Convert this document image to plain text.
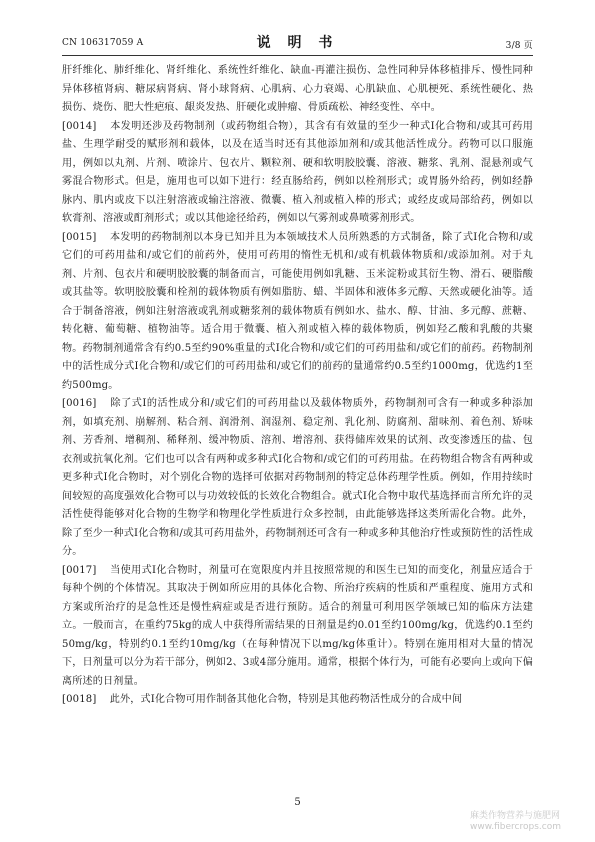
CN 106317059 A	说 明 书	3/8 页

肝纤维化、肺纤维化、肾纤维化、系统性纤维化、缺血-再灌注损伤、急性同种异体移植排斥、慢性同种异体移植肾病、糖尿病肾病、肾小球肾病、心肌病、心力衰竭、心肌缺血、心肌梗死、系统性硬化、热损伤、烧伤、肥大性疤痕、龈炎发热、肝硬化或肿瘤、骨质疏松、神经变性、卒中。

[0014]　 本发明还涉及药物制剂（或药物组合物），其含有有效量的至少一种式I化合物和/或其可药用盐、生理学耐受的赋形剂和载体，以及在适当时还有其他添加剂和/或其他活性成分。药物可以口服施用，例如以丸剂、片剂、喷涂片、包衣片、颗粒剂、硬和软明胶胶囊、溶液、糖浆、乳剂、混悬剂或气雾混合物形式。但是，施用也可以如下进行：经直肠给药，例如以栓剂形式；或胃肠外给药，例如经静脉内、肌内或皮下以注射溶液或输注溶液、微囊、植入剂或植入棒的形式；或经皮或局部给药，例如以软膏剂、溶液或酊剂形式；或以其他途径给药，例如以气雾剂或鼻喷雾剂形式。

[0015]　 本发明的药物制剂以本身已知并且为本领域技术人员所熟悉的方式制备，除了式I化合物和/或它们的可药用盐和/或它们的前药外，使用可药用的惰性无机和/或有机载体物质和/或添加剂。对于丸剂、片剂、包衣片和硬明胶胶囊的制备而言，可能使用例如乳糖、玉米淀粉或其衍生物、滑石、硬脂酸或其盐等。软明胶胶囊和栓剂的载体物质有例如脂肪、蜡、半固体和液体多元醇、天然或硬化油等。适合于制备溶液，例如注射溶液或乳剂或糖浆剂的载体物质有例如水、盐水、醇、甘油、多元醇、蔗糖、转化糖、葡萄糖、植物油等。适合用于微囊、植入剂或植入棒的载体物质，例如羟乙酸和乳酸的共聚物。药物制剂通常含有约0.5至约90%重量的式I化合物和/或它们的可药用盐和/或它们的前药。药物制剂中的活性成分式I化合物和/或它们的可药用盐和/或它们的前药的量通常约0.5至约1000mg，优选约1至约500mg。

[0016]　 除了式I的活性成分和/或它们的可药用盐以及载体物质外，药物制剂可含有一种或多种添加剂，如填充剂、崩解剂、粘合剂、润滑剂、润湿剂、稳定剂、乳化剂、防腐剂、甜味剂、着色剂、矫味剂、芳香剂、增稠剂、稀释剂、缓冲物质、溶剂、增溶剂、获得储库效果的试剂、改变渗透压的盐、包衣剂或抗氧化剂。它们也可以含有两种或多种式I化合物和/或它们的可药用盐。在药物组合物含有两种或更多种式I化合物时，对个别化合物的选择可依据对药物制剂的特定总体药理学性质。例如，作用持续时间较短的高度强效化合物可以与功效较低的长效化合物组合。就式I化合物中取代基选择而言所允许的灵活性使得能够对化合物的生物学和物理化学性质进行众多控制，由此能够选择这类所需化合物。此外，除了至少一种式I化合物和/或其可药用盐外，药物制剂还可含有一种或多种其他治疗性或预防性的活性成分。

[0017]　 当使用式I化合物时，剂量可在宽限度内并且按照常规的和医生已知的而变化，剂量应适合于每种个例的个体情况。其取决于例如所应用的具体化合物、所治疗疾病的性质和严重程度、施用方式和方案或所治疗的是急性还是慢性病症或是否进行预防。适合的剂量可利用医学领域已知的临床方法建立。一般而言，在重约75kg的成人中获得所需结果的日剂量是约0.01至约100mg/kg，优选约0.1至约50mg/kg，特别约0.1至约10mg/kg（在每种情况下以mg/kg体重计）。特别在施用相对大量的情况下，日剂量可以分为若干部分，例如2、3或4部分施用。通常，根据个体行为，可能有必要向上或向下偏离所述的日剂量。

[0018]　 此外，式I化合物可用作制备其他化合物，特别是其他药物活性成分的合成中间

5
麻类作物营养与施肥网
www.fibercrops.com
